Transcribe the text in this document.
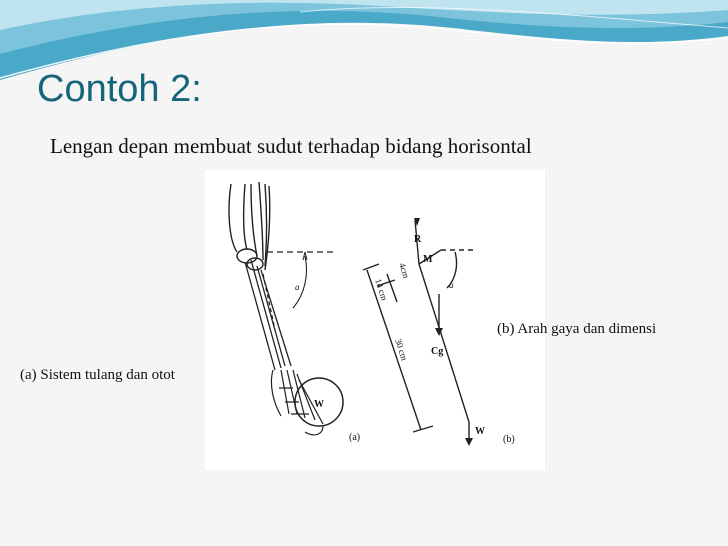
Contoh 2:

Lengan depan membuat sudut terhadap bidang horisontal

W
a
(a)
R
M
a
4cm
14 cm
30 cm Cg
W
(b)
(a) Sistem tulang dan otot
(b) Arah gaya dan dimensi
